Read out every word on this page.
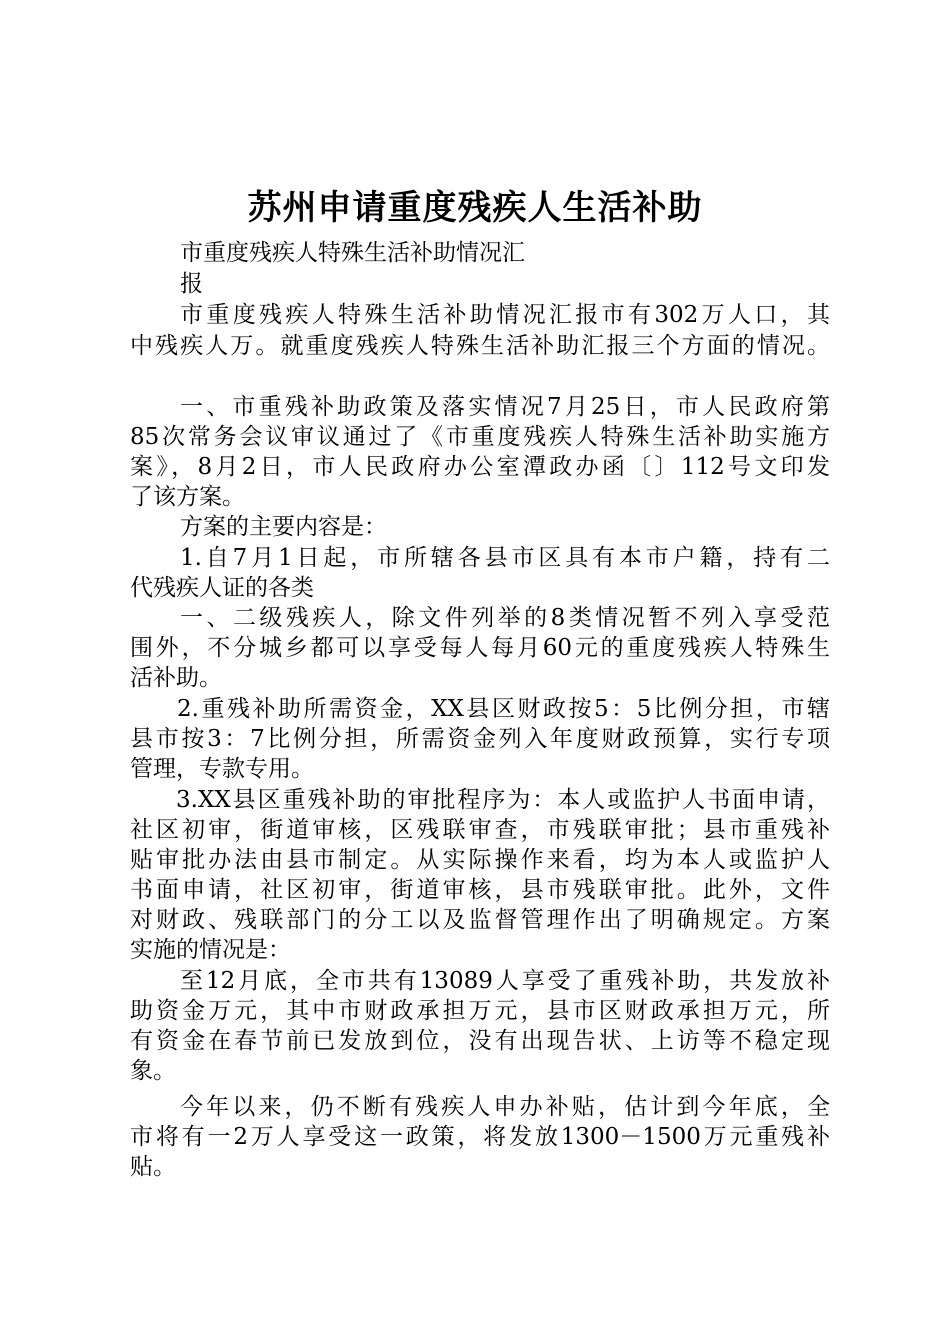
苏州申请重度残疾人生活补助
市重度残疾人特殊生活补助情况汇
报
市重度残疾人特殊生活补助情况汇报市有302万人口，其
中残疾人万。就重度残疾人特殊生活补助汇报三个方面的情况。
一、市重残补助政策及落实情况7月25日，市人民政府第
85次常务会议审议通过了《市重度残疾人特殊生活补助实施方
案》，8月2日，市人民政府办公室潭政办函〔〕112号文印发
了该方案。
方案的主要内容是：
1.自7月1日起，市所辖各县市区具有本市户籍，持有二
代残疾人证的各类
一、二级残疾人，除文件列举的8类情况暂不列入享受范
围外，不分城乡都可以享受每人每月60元的重度残疾人特殊生
活补助。
2.重残补助所需资金，XX县区财政按5：5比例分担，市辖
县市按3：7比例分担，所需资金列入年度财政预算，实行专项
管理，专款专用。
3.XX县区重残补助的审批程序为：本人或监护人书面申请，
社区初审，街道审核，区残联审查，市残联审批；县市重残补
贴审批办法由县市制定。从实际操作来看，均为本人或监护人
书面申请，社区初审，街道审核，县市残联审批。此外，文件
对财政、残联部门的分工以及监督管理作出了明确规定。方案
实施的情况是：
至12月底，全市共有13089人享受了重残补助，共发放补
助资金万元，其中市财政承担万元，县市区财政承担万元，所
有资金在春节前已发放到位，没有出现告状、上访等不稳定现
象。
今年以来，仍不断有残疾人申办补贴，估计到今年底，全
市将有一2万人享受这一政策，将发放1300－1500万元重残补
贴。
